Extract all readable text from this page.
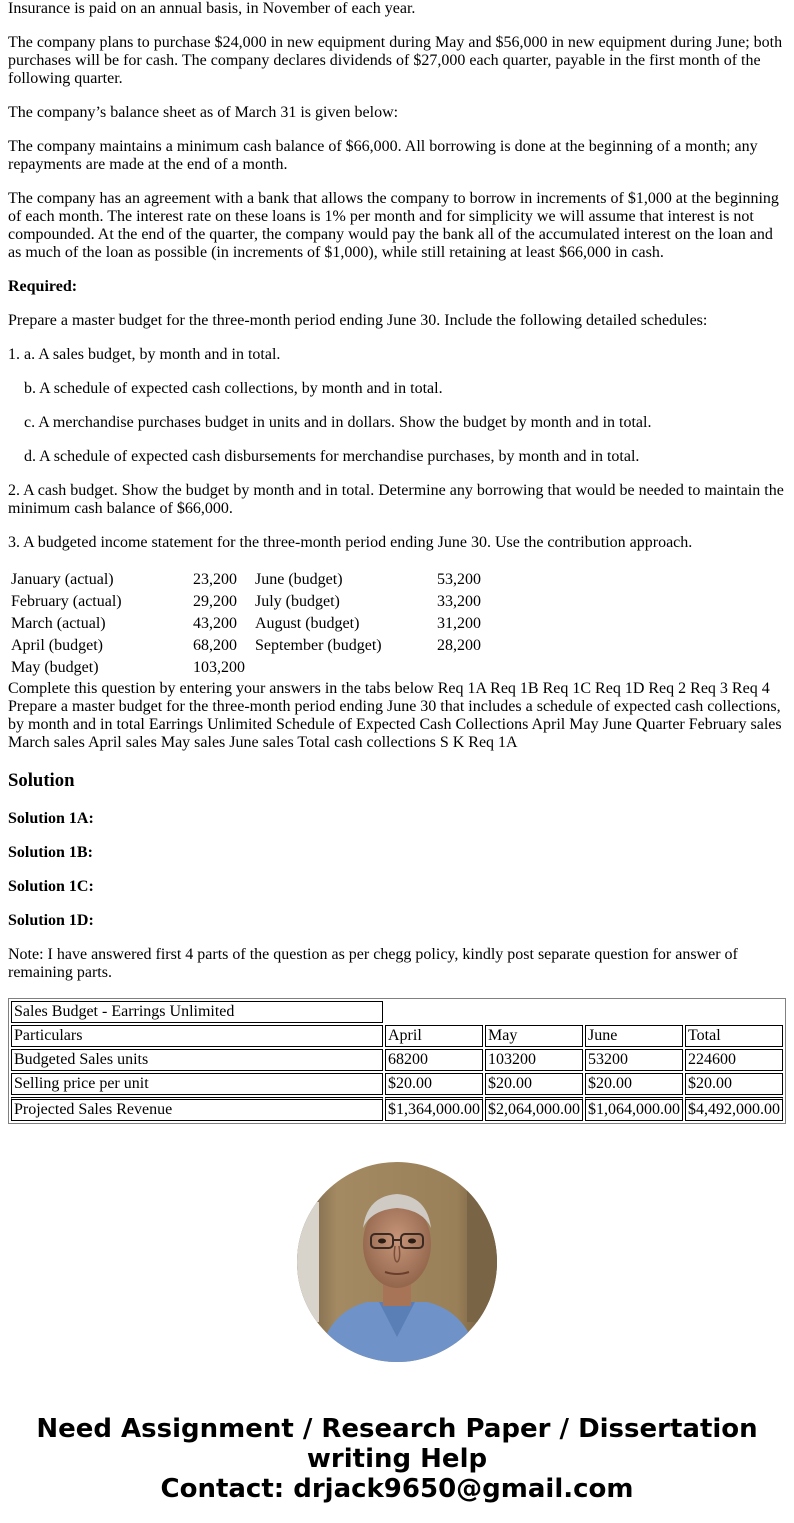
Insurance is paid on an annual basis, in November of each year.

The company plans to purchase $24,000 in new equipment during May and $56,000 in new equipment during June; both purchases will be for cash. The company declares dividends of $27,000 each quarter, payable in the first month of the following quarter.

The company’s balance sheet as of March 31 is given below:

The company maintains a minimum cash balance of $66,000. All borrowing is done at the beginning of a month; any repayments are made at the end of a month.

The company has an agreement with a bank that allows the company to borrow in increments of $1,000 at the beginning of each month. The interest rate on these loans is 1% per month and for simplicity we will assume that interest is not compounded. At the end of the quarter, the company would pay the bank all of the accumulated interest on the loan and as much of the loan as possible (in increments of $1,000), while still retaining at least $66,000 in cash.

Required:

Prepare a master budget for the three-month period ending June 30. Include the following detailed schedules:

1. a. A sales budget, by month and in total.

b. A schedule of expected cash collections, by month and in total.

c. A merchandise purchases budget in units and in dollars. Show the budget by month and in total.

d. A schedule of expected cash disbursements for merchandise purchases, by month and in total.

2. A cash budget. Show the budget by month and in total. Determine any borrowing that would be needed to maintain the minimum cash balance of $66,000.

3. A budgeted income statement for the three-month period ending June 30. Use the contribution approach.

January (actual)	23,200	June (budget)	53,200
February (actual)	29,200	July (budget)	33,200
March (actual)	43,200	August (budget)	31,200
April (budget)	68,200	September (budget)	28,200
May (budget)	103,200		

Complete this question by entering your answers in the tabs below Req 1A Req 1B Req 1C Req 1D Req 2 Req 3 Req 4 Prepare a master budget for the three-month period ending June 30 that includes a schedule of expected cash collections, by month and in total Earrings Unlimited Schedule of Expected Cash Collections April May June Quarter February sales March sales April sales May sales June sales Total cash collections S K Req 1A

Solution

Solution 1A:

Solution 1B:

Solution 1C:

Solution 1D:

Note: I have answered first 4 parts of the question as per chegg policy, kindly post separate question for answer of remaining parts.

Sales Budget - Earrings Unlimited				
Particulars	April	May	June	Total
Budgeted Sales units	68200	103200	53200	224600
Selling price per unit	$20.00	$20.00	$20.00	$20.00
Projected Sales Revenue	$1,364,000.00	$2,064,000.00	$1,064,000.00	$4,492,000.00
Need Assignment / Research Paper / Dissertation
writing Help
Contact: drjack9650@gmail.com
